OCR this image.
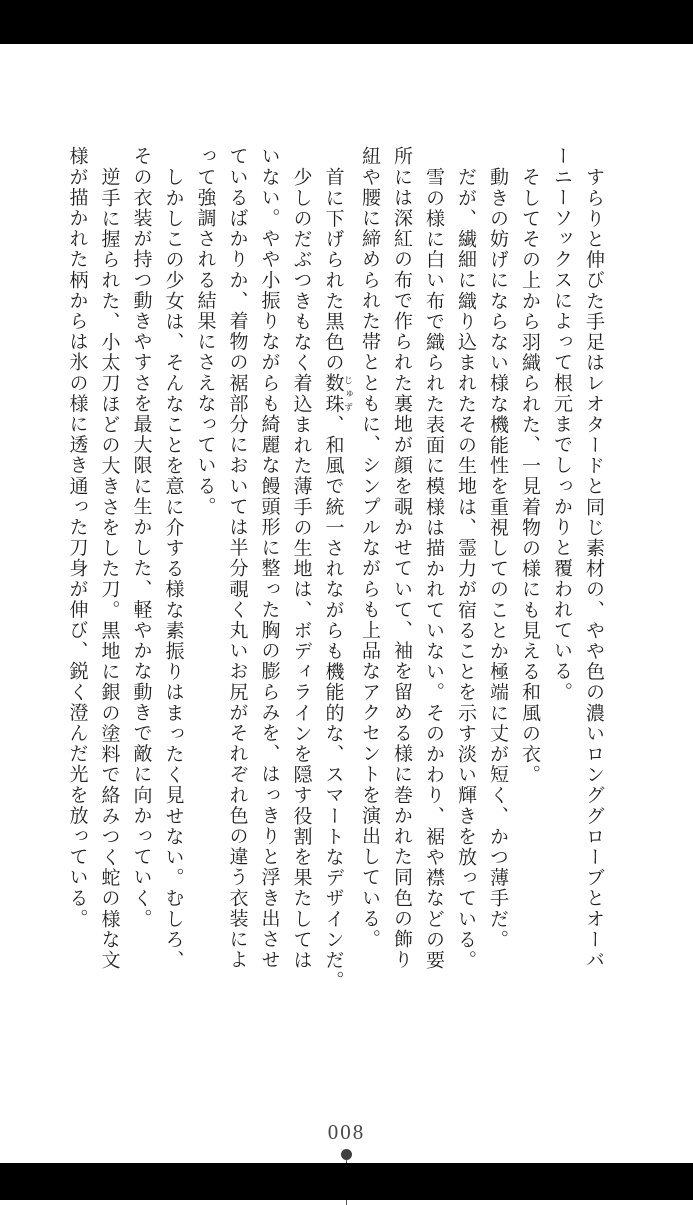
すらりと伸びた手足はレオタードと同じ素材の、やや色の濃いロンググローブとオーバ
ーニーソックスによって根元までしっかりと覆われている。
そしてその上から羽織られた、一見着物の様にも見える和風の衣。
動きの妨げにならない様な機能性を重視してのことか極端に丈が短く、かつ薄手だ。
だが、繊細に織り込まれたその生地は、霊力が宿ることを示す淡い輝きを放っている。
雪の様に白い布で織られた表面に模様は描かれていない。そのかわり、裾や襟などの要
所には深紅の布で作られた裏地が顔を覗かせていて、袖を留める様に巻かれた同色の飾り
紐や腰に締められた帯とともに、シンプルながらも上品なアクセントを演出している。
首に下げられた黒色の数珠 じゅず、和風で統一されながらも機能的な、スマートなデザインだ。
少しのだぶつきもなく着込まれた薄手の生地は、ボディラインを隠す役割を果たしては
いない。やや小振りながらも綺麗な饅頭形に整った胸の膨らみを、はっきりと浮き出させ
ているばかりか、着物の裾部分においては半分覗く丸いお尻がそれぞれ色の違う衣装によ
って強調される結果にさえなっている。
しかしこの少女は、そんなことを意に介する様な素振りはまったく見せない。むしろ、
その衣装が持つ動きやすさを最大限に生かした、軽やかな動きで敵に向かっていく。
逆手に握られた、小太刀ほどの大きさをした刀。黒地に銀の塗料で絡みつく蛇の様な文
様が描かれた柄からは氷の様に透き通った刀身が伸び、鋭く澄んだ光を放っている。
008
